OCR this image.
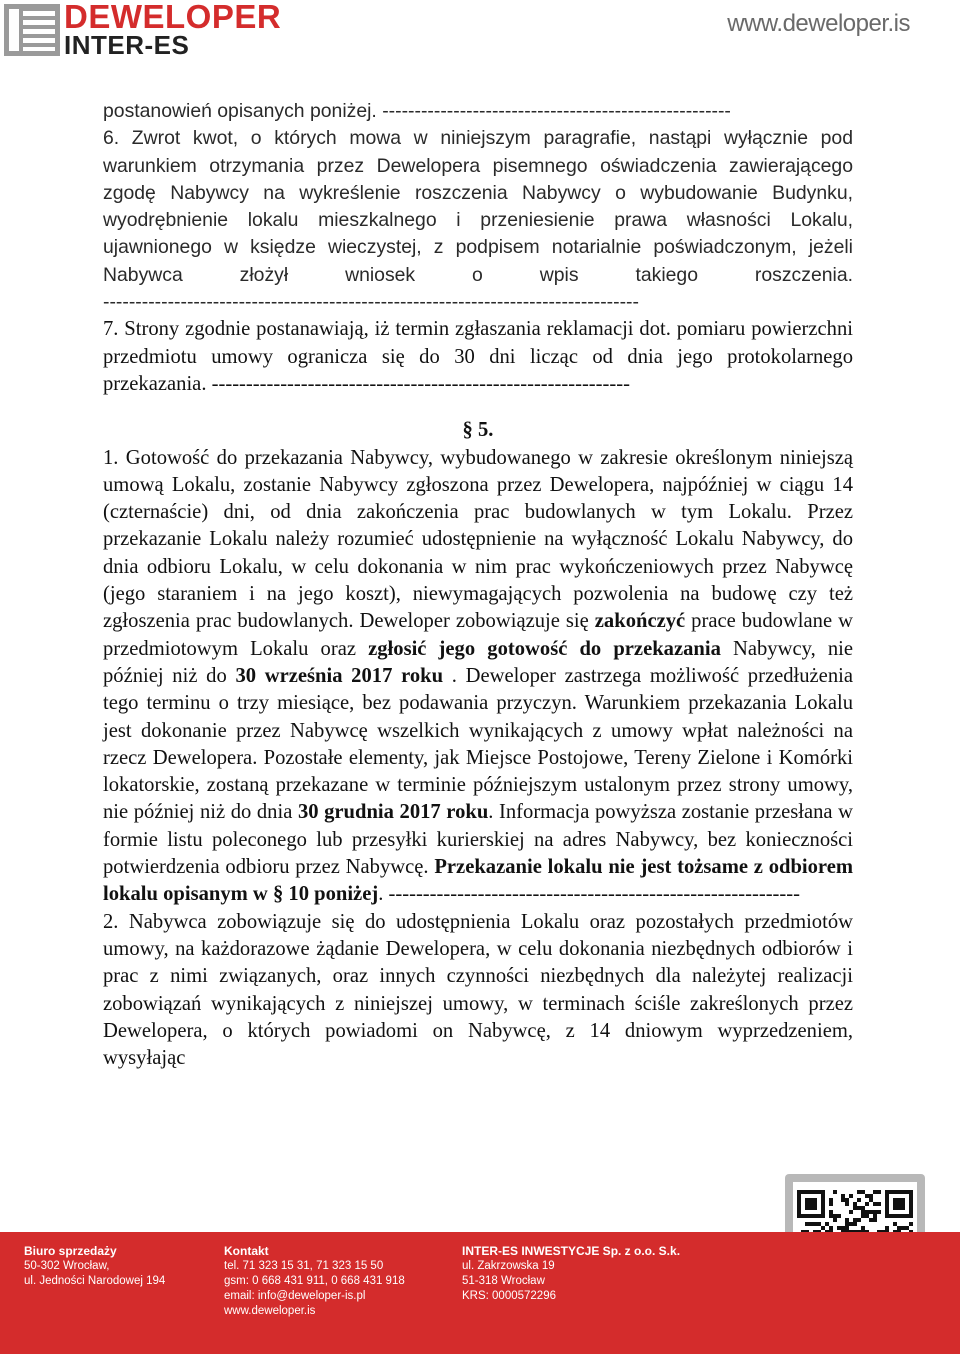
DEWELOPER
INTER-ES
www.deweloper.is

postanowień opisanych poniżej. ------------------------------------------------------

6. Zwrot kwot, o których mowa w niniejszym paragrafie, nastąpi wyłącznie pod warunkiem otrzymania przez Dewelopera pisemnego oświadczenia zawierającego zgodę Nabywcy na wykreślenie roszczenia Nabywcy o wybudowanie Budynku, wyodrębnienie lokalu mieszkalnego i przeniesienie prawa własności Lokalu, ujawnionego w księdze wieczystej, z podpisem notarialnie poświadczonym, jeżeli Nabywca złożył wniosek o wpis takiego roszczenia. -----------------------------------------------------------------------------------

7. Strony zgodnie postanawiają, iż termin zgłaszania reklamacji dot. pomiaru powierzchni przedmiotu umowy ogranicza się do 30 dni licząc od dnia jego protokolarnego przekazania. -------------------------------------------------------------

§ 5.

1. Gotowość do przekazania Nabywcy, wybudowanego w zakresie określonym niniejszą umową Lokalu, zostanie Nabywcy zgłoszona przez Dewelopera, najpóźniej w ciągu 14 (czternaście) dni, od dnia zakończenia prac budowlanych w tym Lokalu. Przez przekazanie Lokalu należy rozumieć udostępnienie na wyłączność Lokalu Nabywcy, do dnia odbioru Lokalu, w celu dokonania w nim prac wykończeniowych przez Nabywcę (jego staraniem i na jego koszt), niewymagających pozwolenia na budowę czy też zgłoszenia prac budowlanych. Deweloper zobowiązuje się zakończyć prace budowlane w przedmiotowym Lokalu oraz zgłosić jego gotowość do przekazania Nabywcy, nie później niż do 30 września 2017 roku . Deweloper zastrzega możliwość przedłużenia tego terminu o trzy miesiące, bez podawania przyczyn. Warunkiem przekazania Lokalu jest dokonanie przez Nabywcę wszelkich wynikających z umowy wpłat należności na rzecz Dewelopera. Pozostałe elementy, jak Miejsce Postojowe, Tereny Zielone i Komórki lokatorskie, zostaną przekazane w terminie późniejszym ustalonym przez strony umowy, nie później niż do dnia 30 grudnia 2017 roku. Informacja powyższa zostanie przesłana w formie listu poleconego lub przesyłki kurierskiej na adres Nabywcy, bez konieczności potwierdzenia odbioru przez Nabywcę. Przekazanie lokalu nie jest tożsame z odbiorem lokalu opisanym w § 10 poniżej. ------------------------------------------------------------

2. Nabywca zobowiązuje się do udostępnienia Lokalu oraz pozostałych przedmiotów umowy, na każdorazowe żądanie Dewelopera, w celu dokonania niezbędnych odbiorów i prac z nimi związanych, oraz innych czynności niezbędnych dla należytej realizacji zobowiązań wynikających z niniejszej umowy, w terminach ściśle zakreślonych przez Dewelopera, o których powiadomi on Nabywcę, z 14 dniowym wyprzedzeniem, wysyłając

Biuro sprzedaży
50-302 Wrocław,
ul. Jedności Narodowej 194
Kontakt
tel. 71 323 15 31, 71 323 15 50
gsm: 0 668 431 911, 0 668 431 918
email: info@deweloper-is.pl
www.deweloper.is
INTER-ES INWESTYCJE Sp. z o.o. S.k.
ul. Zakrzowska 19
51-318 Wrocław
KRS: 0000572296
